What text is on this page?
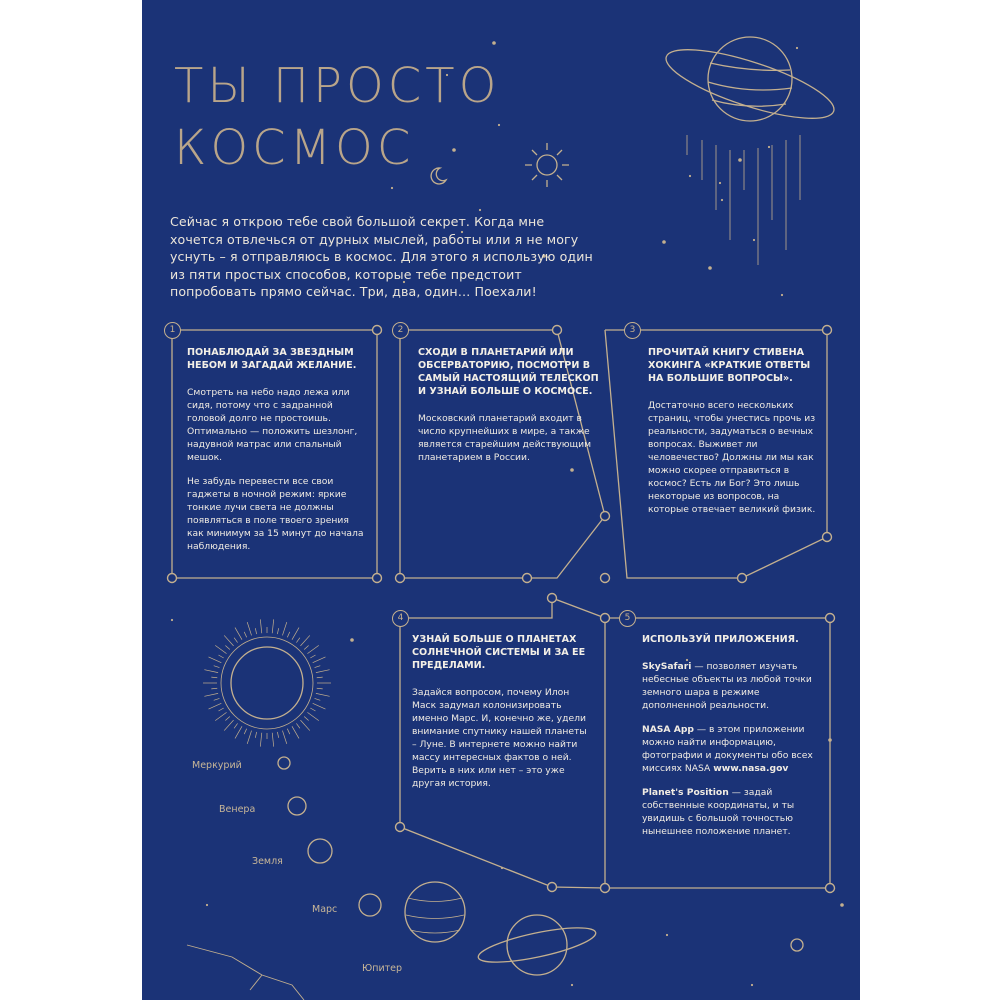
ТЫ ПРОСТО
КОСМОС
Сейчас я открою тебе свой большой секрет. Когда мне хочется отвлечься от дурных мыслей, работы или я не могу уснуть – я отправляюсь в космос. Для этого я использую один из пяти простых способов, которые тебе предстоит попробовать прямо сейчас. Три, два, один… Поехали!
1	2	3
4	5
ПОНАБЛЮДАЙ ЗА ЗВЕЗДНЫМ НЕБОМ И ЗАГАДАЙ ЖЕЛАНИЕ.

Смотреть на небо надо лежа или сидя, потому что с задранной головой долго не простоишь. Оптимально — положить шезлонг, надувной матрас или спальный мешок.

Не забудь перевести все свои гаджеты в ночной режим: яркие тонкие лучи света не должны появляться в поле твоего зрения как минимум за 15 минут до начала наблюдения.

СХОДИ В ПЛАНЕТАРИЙ ИЛИ ОБСЕРВАТОРИЮ, ПОСМОТРИ В САМЫЙ НАСТОЯЩИЙ ТЕЛЕСКОП И УЗНАЙ БОЛЬШЕ О КОСМОСЕ.

Московский планетарий входит в число крупнейших в мире, а также является старейшим действующим планетарием в России.

ПРОЧИТАЙ КНИГУ СТИВЕНА ХОКИНГА «КРАТКИЕ ОТВЕТЫ НА БОЛЬШИЕ ВОПРОСЫ».

Достаточно всего нескольких страниц, чтобы унестись прочь из реальности, задуматься о вечных вопросах. Выживет ли человечество? Должны ли мы как можно скорее отправиться в космос? Есть ли Бог? Это лишь некоторые из вопросов, на которые отвечает великий физик.

УЗНАЙ БОЛЬШЕ О ПЛАНЕТАХ СОЛНЕЧНОЙ СИСТЕМЫ И ЗА ЕЕ ПРЕДЕЛАМИ.

Задайся вопросом, почему Илон Маск задумал колонизировать именно Марс. И, конечно же, удели внимание спутнику нашей планеты – Луне. В интернете можно найти массу интересных фактов о ней. Верить в них или нет – это уже другая история.

ИСПОЛЬЗУЙ ПРИЛОЖЕНИЯ.

SkySafari — позволяет изучать небесные объекты из любой точки земного шара в режиме дополненной реальности.

NASA App — в этом приложении можно найти информацию, фотографии и документы обо всех миссиях NASA www.nasa.gov

Planet's Position — задай собственные координаты, и ты увидишь с большой точностью нынешнее положение планет.

Меркурий
Венера
Земля
Марс
Юпитер
